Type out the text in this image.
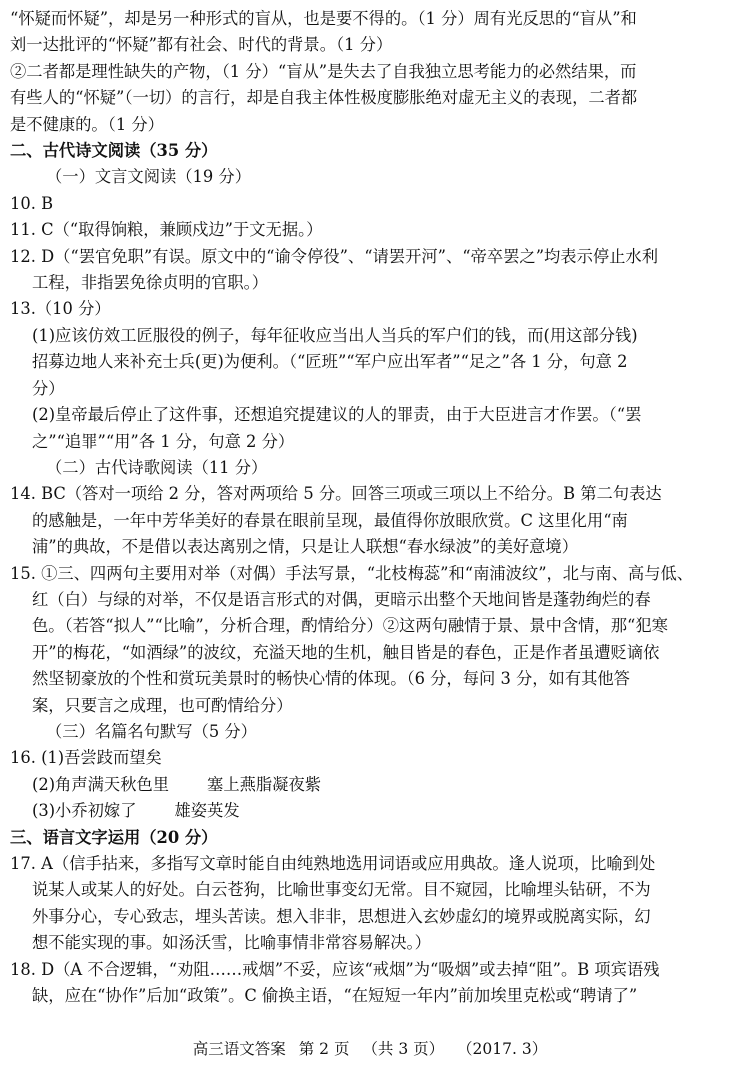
“怀疑而怀疑”，却是另一种形式的盲从，也是要不得的。（1 分）周有光反思的“盲从”和
刘一达批评的“怀疑”都有社会、时代的背景。（1 分）
②二者都是理性缺失的产物，（1 分）“盲从”是失去了自我独立思考能力的必然结果，而
有些人的“怀疑”（一切）的言行，却是自我主体性极度膨胀绝对虚无主义的表现，二者都
是不健康的。（1 分）
二、古代诗文阅读（35 分）
（一）文言文阅读（19 分）
10. B
11. C（“取得饷粮，兼顾戍边”于文无据。）
12. D（“罢官免职”有误。原文中的“谕令停役”、“请罢开河”、“帝卒罢之”均表示停止水利
工程，非指罢免徐贞明的官职。）
13.（10 分）
(1)应该仿效工匠服役的例子，每年征收应当出人当兵的军户们的钱，而(用这部分钱)
招募边地人来补充士兵(更)为便利。（“匠班”“军户应出军者”“足之”各 1 分，句意 2
分）
(2)皇帝最后停止了这件事，还想追究提建议的人的罪责，由于大臣进言才作罢。（“罢
之”“追罪”“用”各 1 分，句意 2 分）
（二）古代诗歌阅读（11 分）
14. BC（答对一项给 2 分，答对两项给 5 分。回答三项或三项以上不给分。B 第二句表达
的感触是，一年中芳华美好的春景在眼前呈现，最值得你放眼欣赏。C 这里化用“南
浦”的典故，不是借以表达离别之情，只是让人联想“春水绿波”的美好意境）
15. ①三、四两句主要用对举（对偶）手法写景，“北枝梅蕊”和“南浦波纹”，北与南、高与低、
红（白）与绿的对举，不仅是语言形式的对偶，更暗示出整个天地间皆是蓬勃绚烂的春
色。（若答“拟人”“比喻”，分析合理，酌情给分）②这两句融情于景、景中含情，那“犯寒
开”的梅花，“如酒绿”的波纹，充溢天地的生机，触目皆是的春色，正是作者虽遭贬谪依
然坚韧豪放的个性和赏玩美景时的畅快心情的体现。（6 分，每问 3 分，如有其他答
案，只要言之成理，也可酌情给分）
（三）名篇名句默写（5 分）
16. (1)吾尝跂而望矣
(2)角声满天秋色里 塞上燕脂凝夜紫
(3)小乔初嫁了 雄姿英发
三、语言文字运用（20 分）
17. A（信手拈来，多指写文章时能自由纯熟地选用词语或应用典故。逢人说项，比喻到处
说某人或某人的好处。白云苍狗，比喻世事变幻无常。目不窥园，比喻埋头钻研，不为
外事分心，专心致志，埋头苦读。想入非非，思想进入玄妙虚幻的境界或脱离实际，幻
想不能实现的事。如汤沃雪，比喻事情非常容易解决。）
18. D（A 不合逻辑，“劝阻……戒烟”不妥，应该“戒烟”为“吸烟”或去掉“阻”。B 项宾语残
缺，应在“协作”后加“政策”。C 偷换主语，“在短短一年内”前加埃里克松或“聘请了”
高三语文答案 第 2 页 （共 3 页） （2017. 3）
